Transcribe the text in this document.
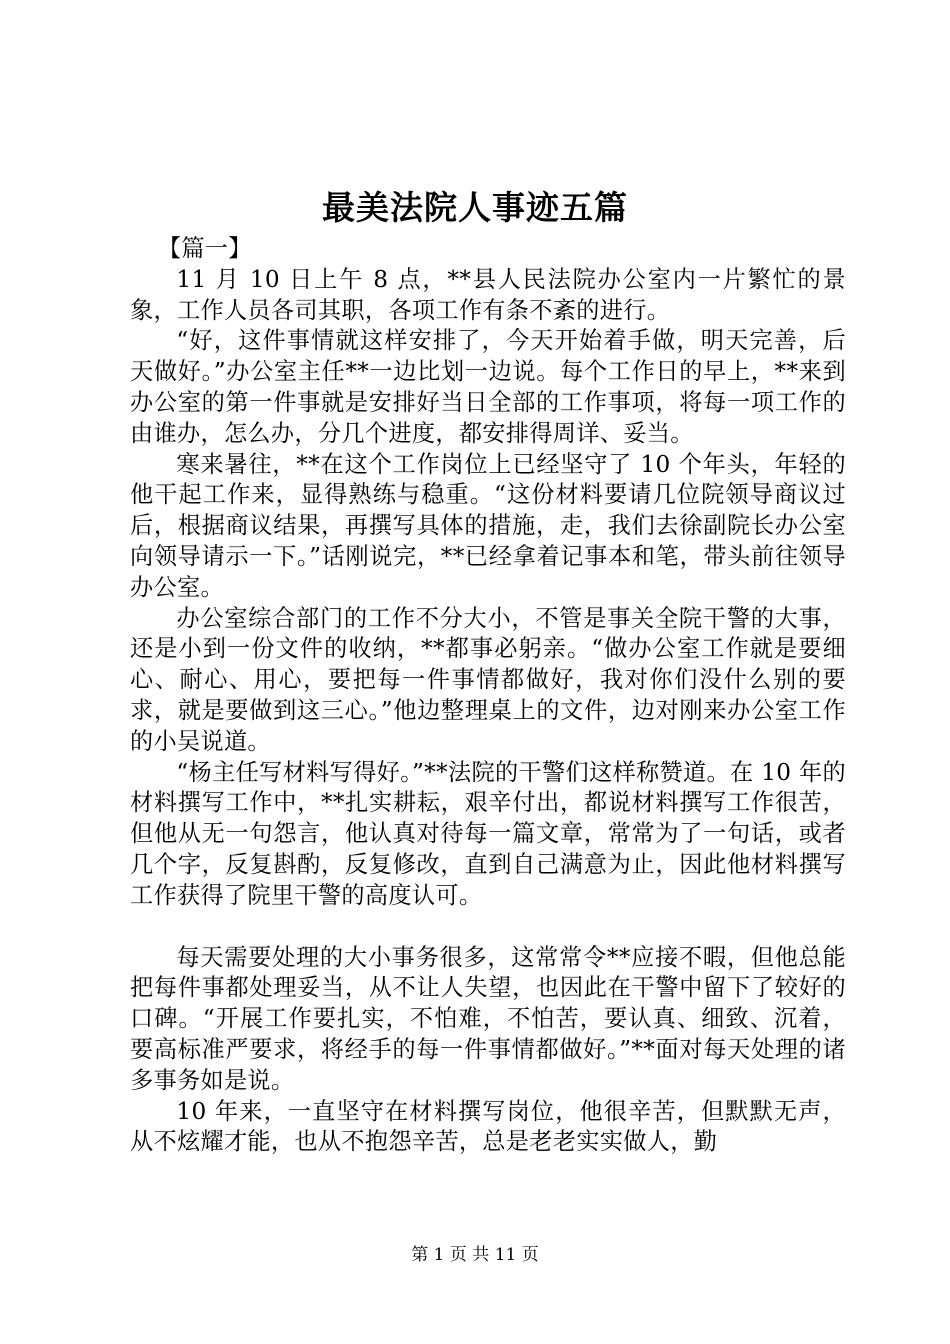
最美法院人事迹五篇

【篇一】

11 月 10 日上午 8 点，**县人民法院办公室内一片繁忙的景象，工作人员各司其职，各项工作有条不紊的进行。

“好，这件事情就这样安排了，今天开始着手做，明天完善，后天做好。”办公室主任**一边比划一边说。每个工作日的早上，**来到办公室的第一件事就是安排好当日全部的工作事项，将每一项工作的由谁办，怎么办，分几个进度，都安排得周详、妥当。

寒来暑往，**在这个工作岗位上已经坚守了 10 个年头，年轻的他干起工作来，显得熟练与稳重。“这份材料要请几位院领导商议过后，根据商议结果，再撰写具体的措施，走，我们去徐副院长办公室向领导请示一下。”话刚说完，**已经拿着记事本和笔，带头前往领导办公室。

办公室综合部门的工作不分大小，不管是事关全院干警的大事，还是小到一份文件的收纳，**都事必躬亲。“做办公室工作就是要细心、耐心、用心，要把每一件事情都做好，我对你们没什么别的要求，就是要做到这三心。”他边整理桌上的文件，边对刚来办公室工作的小吴说道。

“杨主任写材料写得好。”**法院的干警们这样称赞道。在 10 年的材料撰写工作中，**扎实耕耘，艰辛付出，都说材料撰写工作很苦，但他从无一句怨言，他认真对待每一篇文章，常常为了一句话，或者几个字，反复斟酌，反复修改，直到自己满意为止，因此他材料撰写工作获得了院里干警的高度认可。

每天需要处理的大小事务很多，这常常令**应接不暇，但他总能把每件事都处理妥当，从不让人失望，也因此在干警中留下了较好的口碑。“开展工作要扎实，不怕难，不怕苦，要认真、细致、沉着，要高标准严要求，将经手的每一件事情都做好。”**面对每天处理的诸多事务如是说。

10 年来，一直坚守在材料撰写岗位，他很辛苦，但默默无声，从不炫耀才能，也从不抱怨辛苦，总是老老实实做人，勤

第 1 页 共 11 页
